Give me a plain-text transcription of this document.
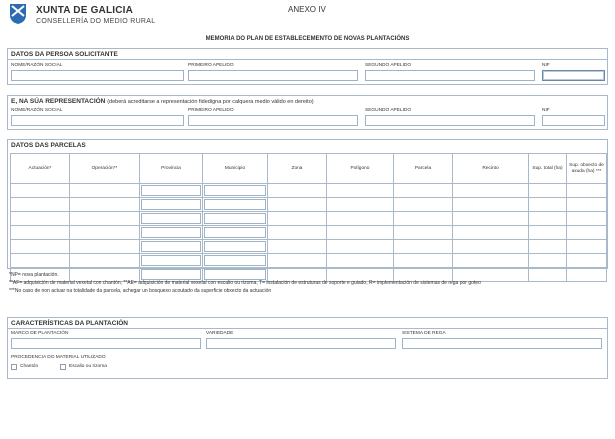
XUNTA DE GALICIA
CONSELLERÍA DO MEDIO RURAL
ANEXO IV
MEMORIA DO PLAN DE ESTABLECEMENTO DE NOVAS PLANTACIÓNS
DATOS DA PERSOA SOLICITANTE
NOME/RAZÓN SOCIAL	PRIMEIRO APELIDO	SEGUNDO APELIDO	NIF
E, NA SÚA REPRESENTACIÓN (deberá acreditarse a representación fidedigna por calquera medio válido en dereito)
NOME/RAZÓN SOCIAL	PRIMEIRO APELIDO	SEGUNDO APELIDO	NIF
DATOS DAS PARCELAS
Actuación*	Operación**	Provincia	Municipio	Zona	Polígono	Parcela	Recinto	Sup. total (ha)	Sup. obxecto de axuda (ha) ***

*NP= nova plantación.
**AF= adquisición de material vexetal con chantón, **AE= adquisición de material vexetal con escalio ou rizoma, T= instalación de estruturas de soporte e guiado, R= implementación de sistemas de rega por goteo
***No caso de non actuar na totalidade da parcela, achegar un bosquexo acoutado da superficie obxecto da actuación
CARACTERÍSTICAS DA PLANTACIÓN
MARCO DE PLANTACIÓN	VARIEDADE	SISTEMA DE REGA
PROCEDENCIA DO MATERIAL UTILIZADO
Chantón	Escalio ou rizoma
